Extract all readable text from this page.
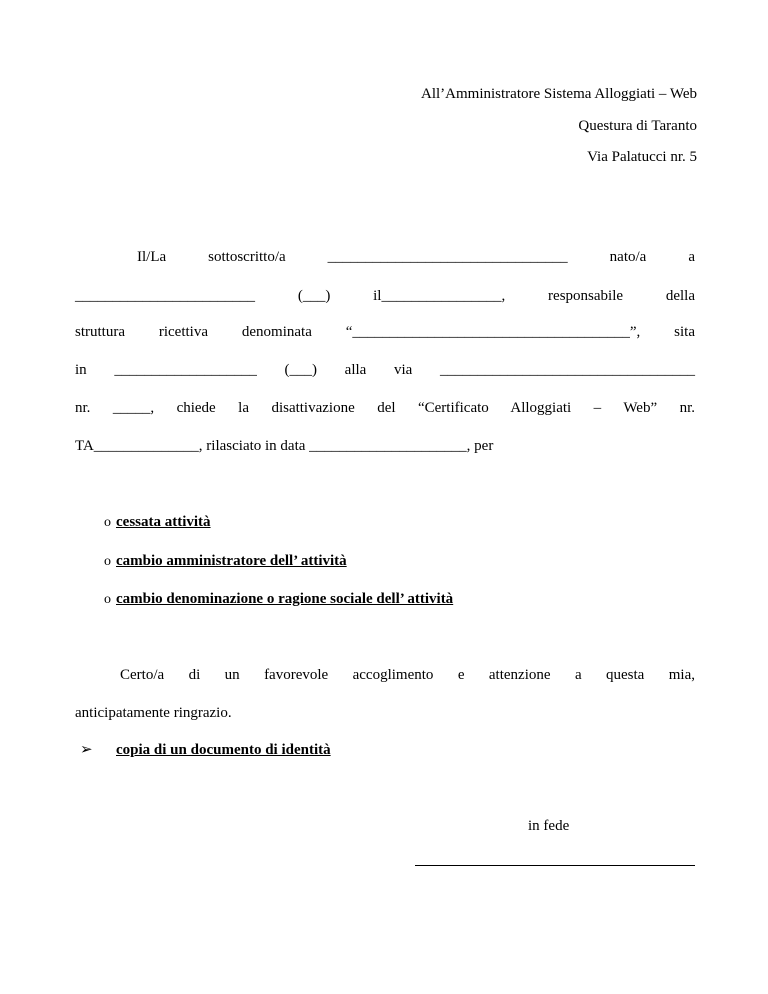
All’Amministratore Sistema Alloggiati – Web
Questura di Taranto
Via Palatucci nr. 5
Il/La sottoscritto/a ________________________________ nato/a a
________________________ (___) il________________, responsabile della
struttura ricettiva denominata “_____________________________________”, sita
in ___________________ (___) alla via __________________________________
nr. _____, chiede la disattivazione del “Certificato Alloggiati – Web” nr.
TA______________, rilasciato in data _____________________, per
o cessata attività
o cambio amministratore dell’ attività
o cambio denominazione o ragione sociale dell’ attività
Certo/a di un favorevole accoglimento e attenzione a questa mia,
anticipatamente ringrazio.
➢ copia di un documento di identità
in fede
